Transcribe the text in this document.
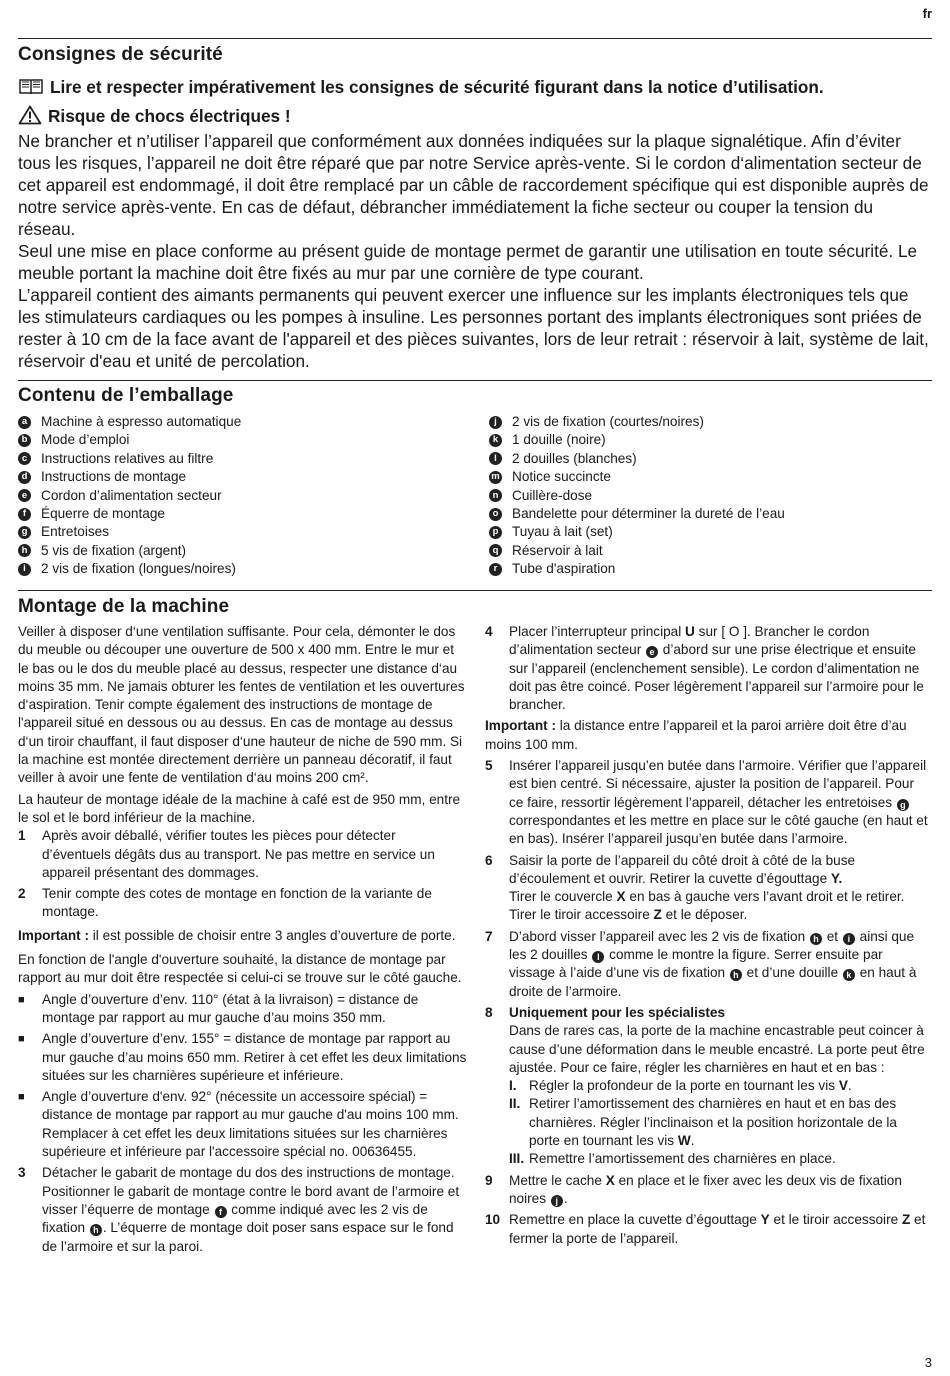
fr
Consignes de sécurité

Lire et respecter impérativement les consignes de sécurité figurant dans la notice d’utilisation.

Risque de chocs électriques !

Ne brancher et n’utiliser l’appareil que conformément aux données indiquées sur la plaque signalétique. Afin d’éviter tous les risques, l’appareil ne doit être réparé que par notre Service après-vente. Si le cordon d‘alimentation secteur de cet appareil est endommagé, il doit être remplacé par un câble de raccordement spécifique qui est disponible auprès de notre service après-vente. En cas de défaut, débrancher immédiatement la fiche secteur ou couper la tension du réseau.

Seul une mise en place conforme au présent guide de montage permet de garantir une utilisation en toute sécurité. Le meuble portant la machine doit être fixés au mur par une cornière de type courant.

L’appareil contient des aimants permanents qui peuvent exercer une influence sur les implants électroniques tels que les stimulateurs cardiaques ou les pompes à insuline. Les personnes portant des implants électroniques sont priées de rester à 10 cm de la face avant de l'appareil et des pièces suivantes, lors de leur retrait : réservoir à lait, système de lait, réservoir d'eau et unité de percolation.

Contenu de l’emballage
a Machine à espresso automatique
b Mode d’emploi
c Instructions relatives au filtre
d Instructions de montage
e Cordon d’alimentation secteur
f	Équerre de montage
g Entretoises
h 5 vis de fixation (argent)
i	2 vis de fixation (longues/noires)
j	2 vis de fixation (courtes/noires)
k 1 douille (noire)
l	2 douilles (blanches)
m Notice succincte
n Cuillère-dose
o Bandelette pour déterminer la dureté de l’eau
p Tuyau à lait (set)
q Réservoir à lait
r	Tube d'aspiration
Montage de la machine

Veiller à disposer d‘une ventilation suffisante. Pour cela, démonter le dos du meuble ou découper une ouverture de 500 x 400 mm. Entre le mur et le bas ou le dos du meuble placé au dessus, respecter une distance d‘au moins 35 mm. Ne jamais obturer les fentes de ventilation et les ouvertures d‘aspiration. Tenir compte également des instructions de montage de l'appareil situé en dessous ou au dessus. En cas de montage au dessus d‘un tiroir chauffant, il faut disposer d‘une hauteur de niche de 590 mm. Si la machine est montée directement derrière un panneau décoratif, il faut veiller à avoir une fente de ventilation d‘au moins 200 cm².

La hauteur de montage idéale de la machine à café est de 950 mm, entre le sol et le bord inférieur de la machine.

1	Après avoir déballé, vérifier toutes les pièces pour détecter d’éventuels dégâts dus au transport. Ne pas mettre en service un appareil présentant des dommages.
2	Tenir compte des cotes de montage en fonction de la variante de montage.

Important : il est possible de choisir entre 3 angles d’ouverture de porte.

En fonction de l'angle d'ouverture souhaité, la distance de montage par rapport au mur doit être respectée si celui-ci se trouve sur le côté gauche.

■	Angle d’ouverture d’env. 110° (état à la livraison) = distance de montage par rapport au mur gauche d’au moins 350 mm.
■	Angle d’ouverture d’env. 155° = distance de montage par rapport au mur gauche d’au moins 650 mm. Retirer à cet effet les deux limitations situées sur les charnières supérieure et inférieure.
■	Angle d’ouverture d'env. 92° (nécessite un accessoire spécial) = distance de montage par rapport au mur gauche d'au moins 100 mm. Remplacer à cet effet les deux limitations situées sur les charnières supérieure et inférieure par l'accessoire spécial no. 00636455.
3	Détacher le gabarit de montage du dos des instructions de montage. Positionner le gabarit de montage contre le bord avant de l’armoire et visser l’équerre de montage f comme indiqué avec les 2 vis de fixation h . L’équerre de montage doit poser sans espace sur le fond de l’armoire et sur la paroi.
4	Placer l’interrupteur principal U sur [ O ]. Brancher le cordon d’alimentation secteur e d’abord sur une prise électrique et ensuite sur l’appareil (enclenchement sensible). Le cordon d’alimentation ne doit pas être coincé. Poser légèrement l’appareil sur l’armoire pour le brancher.

Important : la distance entre l’appareil et la paroi arrière doit être d’au moins 100 mm.

5	Insérer l’appareil jusqu’en butée dans l’armoire. Vérifier que l’appareil est bien centré. Si nécessaire, ajuster la position de l’appareil. Pour ce faire, ressortir légèrement l’appareil, détacher les entretoises g correspondantes et les mettre en place sur le côté gauche (en haut et en bas). Insérer l’appareil jusqu’en butée dans l’armoire.
6	Saisir la porte de l’appareil du côté droit à côté de la buse d’écoulement et ouvrir. Retirer la cuvette d’égouttage Y.
Tirer le couvercle X en bas à gauche vers l’avant droit et le retirer. Tirer le tiroir accessoire Z et le déposer.
7	D’abord visser l’appareil avec les 2 vis de fixation h et i ainsi que les 2 douilles l comme le montre la figure. Serrer ensuite par vissage à l’aide d’une vis de fixation h et d’une douille k en haut à droite de l’armoire.
8	Uniquement pour les spécialistes
Dans de rares cas, la porte de la machine encastrable peut coincer à cause d’une déformation dans le meuble encastré. La porte peut être ajustée. Pour ce faire, régler les charnières en haut et en bas :
I. Régler la profondeur de la porte en tournant les vis V.
II. Retirer l’amortissement des charnières en haut et en bas des charnières. Régler l’inclinaison et la position horizontale de la porte en tournant les vis W.
III. Remettre l’amortissement des charnières en place.
9	Mettre le cache X en place et le fixer avec les deux vis de fixation noires j .
10 Remettre en place la cuvette d’égouttage Y et le tiroir accessoire Z et fermer la porte de l’appareil.
3
